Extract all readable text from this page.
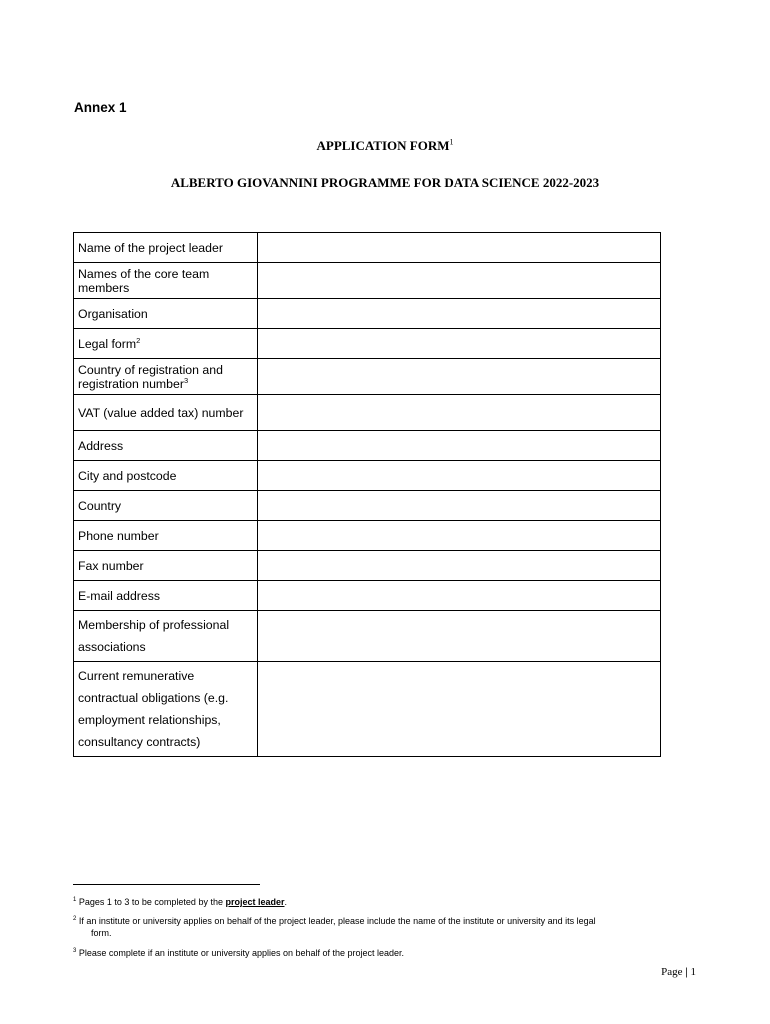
Annex 1
APPLICATION FORM$^1$
ALBERTO GIOVANNINI PROGRAMME FOR DATA SCIENCE 2022-2023
Name of the project leader	
Names of the core team members	
Organisation	
Legal form$^2$	
Country of registration and registration number$^3$	
VAT (value added tax) number	
Address	
City and postcode	
Country	
Phone number	
Fax number	
E-mail address	
Membership of professional associations	
Current remunerative contractual obligations (e.g. employment relationships, consultancy contracts)	
$^1$ Pages 1 to 3 to be completed by the project leader.
$^2$ If an institute or university applies on behalf of the project leader, please include the name of the institute or university and its legal
form.
$^3$ Please complete if an institute or university applies on behalf of the project leader.
Page | 1
